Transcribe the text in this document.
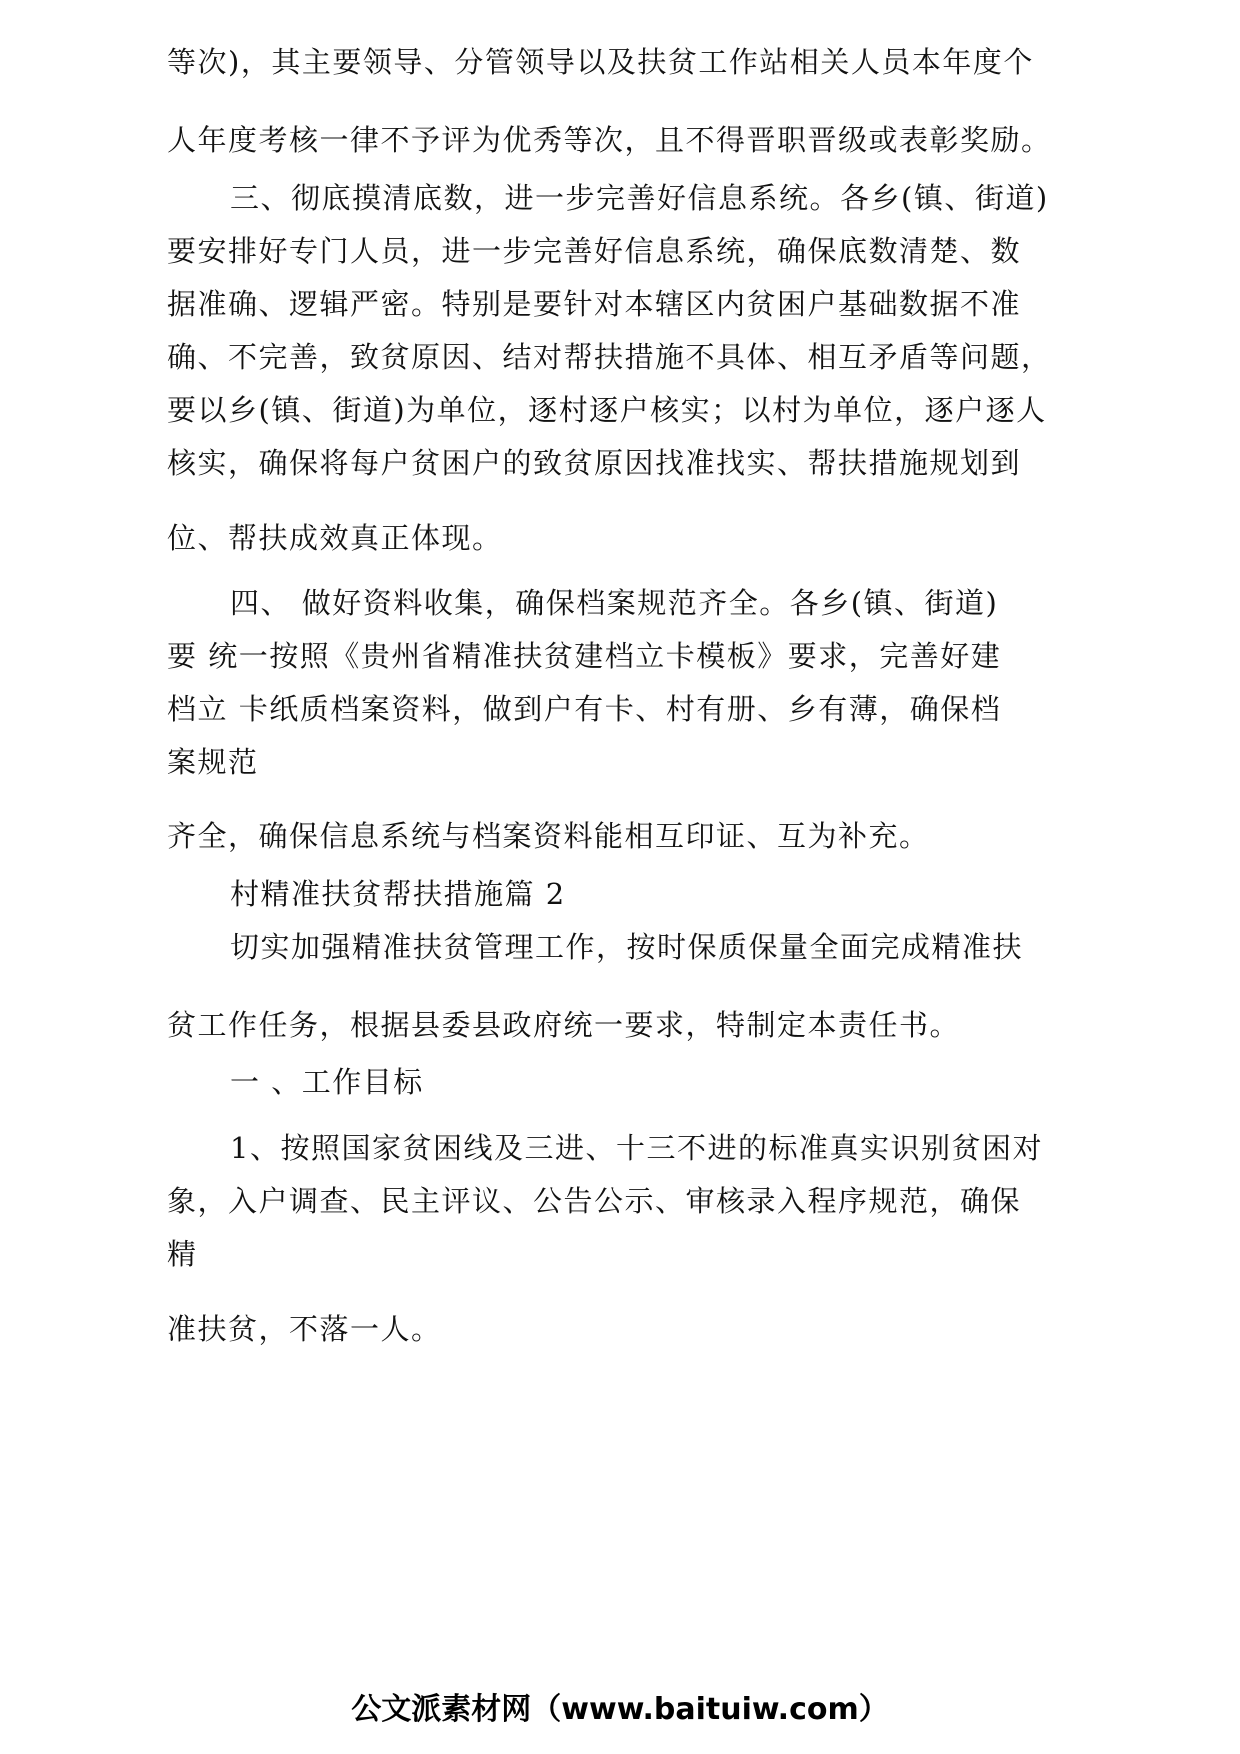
等次)，其主要领导、分管领导以及扶贫工作站相关人员本年度个
人年度考核一律不予评为优秀等次，且不得晋职晋级或表彰奖励。
三、彻底摸清底数，进一步完善好信息系统。各乡(镇、街道)
要安排好专门人员，进一步完善好信息系统，确保底数清楚、数
据准确、逻辑严密。特别是要针对本辖区内贫困户基础数据不准
确、不完善，致贫原因、结对帮扶措施不具体、相互矛盾等问题，
要以乡(镇、街道)为单位，逐村逐户核实；以村为单位，逐户逐人
核实，确保将每户贫困户的致贫原因找准找实、帮扶措施规划到
位、帮扶成效真正体现。
四、 做好资料收集，确保档案规范齐全。各乡(镇、街道)
要 统一按照《贵州省精准扶贫建档立卡模板》要求，完善好建
档立 卡纸质档案资料，做到户有卡、村有册、乡有薄，确保档
案规范
齐全，确保信息系统与档案资料能相互印证、互为补充。
村精准扶贫帮扶措施篇 2
切实加强精准扶贫管理工作，按时保质保量全面完成精准扶
贫工作任务，根据县委县政府统一要求，特制定本责任书。
一 、工作目标
1、按照国家贫困线及三进、十三不进的标准真实识别贫困对
象，入户调查、民主评议、公告公示、审核录入程序规范，确保
精
准扶贫，不落一人。
公文派素材网（www.baituiw.com）
